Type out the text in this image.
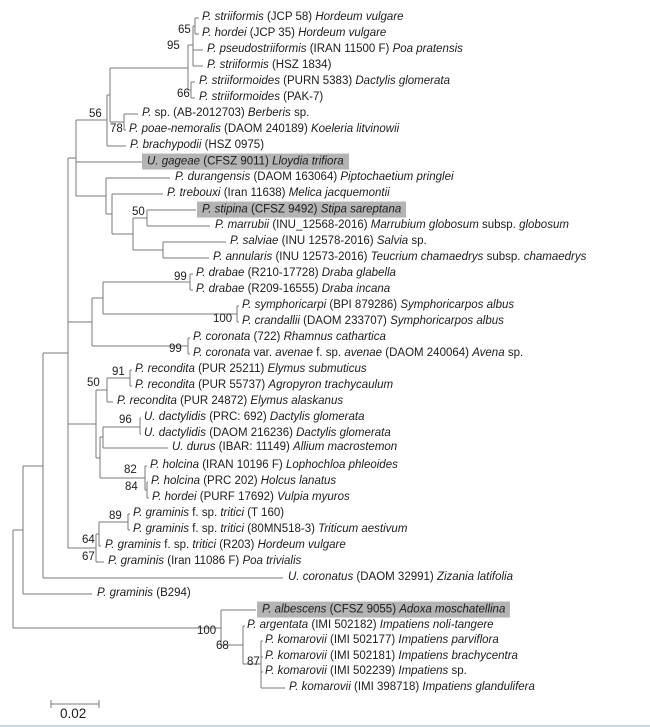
P. striiformis (JCP 58) Hordeum vulgare
P. hordei (JCP 35) Hordeum vulgare
P. pseudostriiformis (IRAN 11500 F) Poa pratensis
P. striiformis (HSZ 1834)
P. striiformoides (PURN 5383) Dactylis glomerata
P. striiformoides (PAK-7)
P. sp. (AB-2012703) Berberis sp.
P. poae-nemoralis (DAOM 240189) Koeleria litvinowii
P. brachypodii (HSZ 0975)
U. gageae (CFSZ 9011) Lloydia trifiora
P. durangensis (DAOM 163064) Piptochaetium pringlei
P. trebouxi (Iran 11638) Melica jacquemontii
P. stipina (CFSZ 9492) Stipa sareptana
P. marrubii (INU_12568-2016) Marrubium globosum subsp. globosum
P. salviae (INU 12578-2016) Salvia sp.
P. annularis (INU 12573-2016) Teucrium chamaedrys subsp. chamaedrys
P. drabae (R210-17728) Draba glabella
P. drabae (R209-16555) Draba incana
P. symphoricarpi (BPI 879286) Symphoricarpos albus
P. crandallii (DAOM 233707) Symphoricarpos albus
P. coronata (722) Rhamnus cathartica
P. coronata var. avenae f. sp. avenae (DAOM 240064) Avena sp.
P. recondita (PUR 25211) Elymus submuticus
P. recondita (PUR 55737) Agropyron trachycaulum
P. recondita (PUR 24872) Elymus alaskanus
U. dactylidis (PRC: 692) Dactylis glomerata
U. dactylidis (DAOM 216236) Dactylis glomerata
U. durus (IBAR: 11149) Allium macrostemon
P. holcina (IRAN 10196 F) Lophochloa phleoides
P. holcina (PRC 202) Holcus lanatus
P. hordei (PURF 17692) Vulpia myuros
P. graminis f. sp. tritici (T 160)
P. graminis f. sp. tritici (80MN518-3) Triticum aestivum
P. graminis f. sp. tritici (R203) Hordeum vulgare
P. graminis (Iran 11086 F) Poa trivialis
U. coronatus (DAOM 32991) Zizania latifolia
P. graminis (B294)
P. albescens (CFSZ 9055) Adoxa moschatellina
P. argentata (IMI 502182) Impatiens noli-tangere
P. komarovii (IMI 502177) Impatiens parviflora
P. komarovii (IMI 502181) Impatiens brachycentra
P. komarovii (IMI 502239) Impatiens sp.
P. komarovii (IMI 398718) Impatiens glandulifera
65
95
66
56
78
50
99
100
99
91
50
96
82
84
89
64
67
100
68
87
0.02
